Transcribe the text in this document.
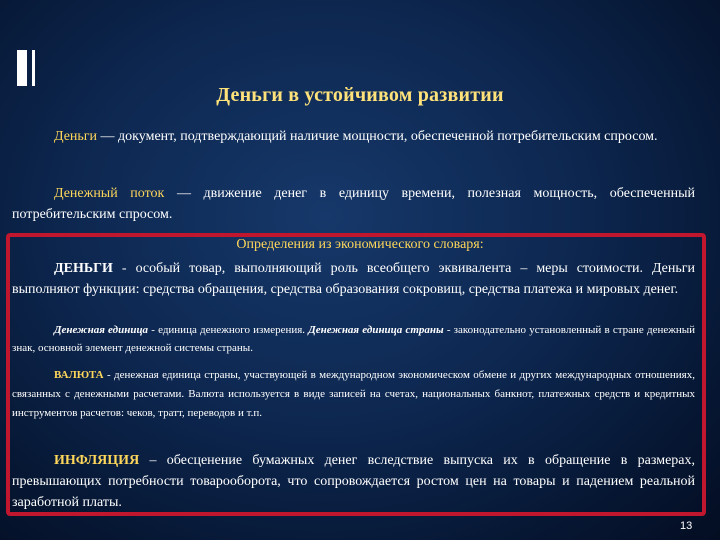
Деньги в устойчивом развитии
Деньги — документ, подтверждающий наличие мощности, обеспеченной потребительским спросом.
Денежный поток — движение денег в единицу времени, полезная мощность, обеспеченный потребительским спросом.
Определения из экономического словаря:
ДЕНЬГИ - особый товар, выполняющий роль всеобщего эквивалента – меры стоимости. Деньги выполняют функции: средства обращения, средства образования сокровищ, средства платежа и мировых денег.
Денежная единица - единица денежного измерения. Денежная единица страны - законодательно установленный в стране денежный знак, основной элемент денежной системы страны.
ВАЛЮТА - денежная единица страны, участвующей в международном экономическом обмене и других международных отношениях, связанных с денежными расчетами. Валюта используется в виде записей на счетах, национальных банкнот, платежных средств и кредитных инструментов расчетов: чеков, тратт, переводов и т.п.
ИНФЛЯЦИЯ – обесценение бумажных денег вследствие выпуска их в обращение в размерах, превышающих потребности товарооборота, что сопровождается ростом цен на товары и падением реальной заработной платы.
13
